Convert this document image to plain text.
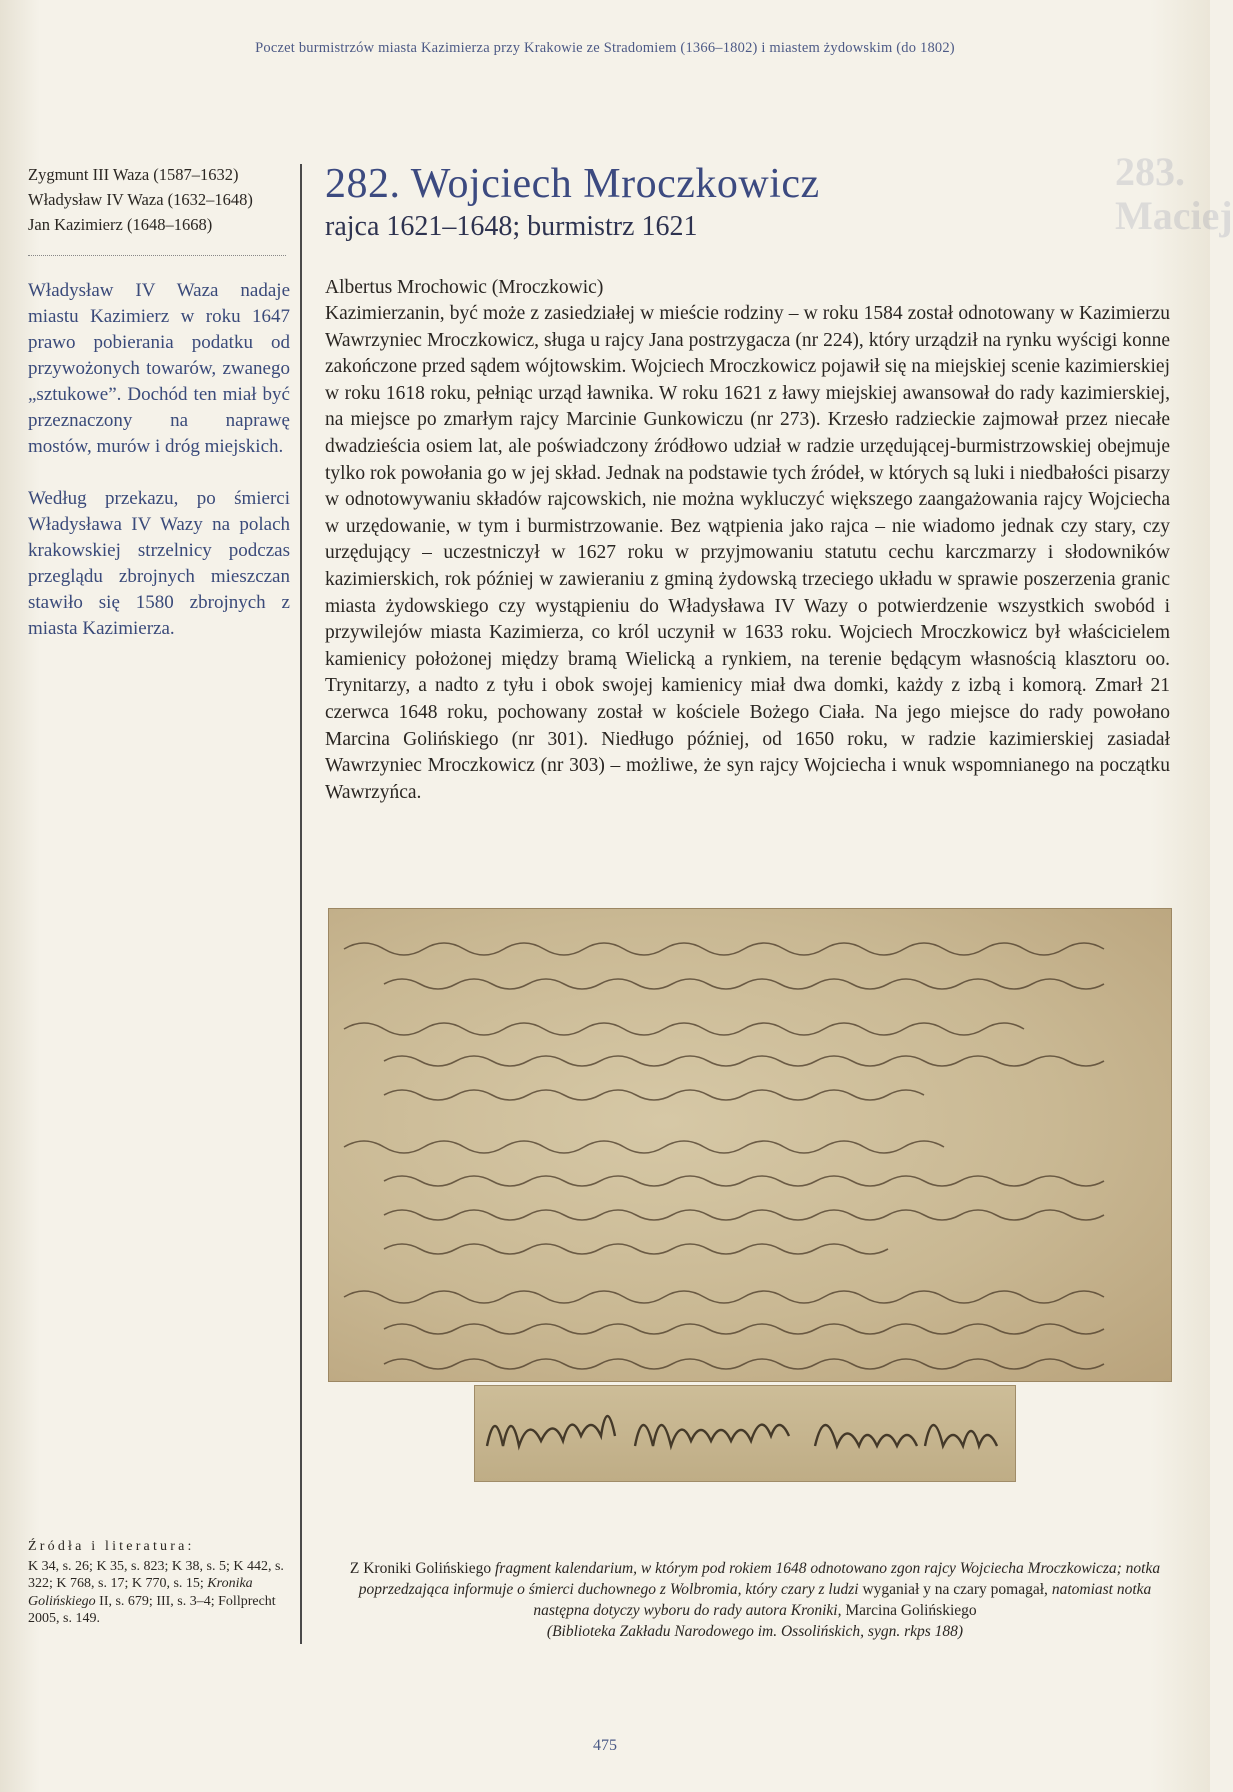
Poczet burmistrzów miasta Kazimierza przy Krakowie ze Stradomiem (1366–1802) i miastem żydowskim (do 1802)
283. Maciej
Zygmunt III Waza (1587–1632)
Władysław IV Waza (1632–1648)
Jan Kazimierz (1648–1668)
Władysław IV Waza nadaje miastu Kazimierz w roku 1647 prawo pobierania podatku od przywożonych towarów, zwanego „sztukowe”. Dochód ten miał być przeznaczony na naprawę mostów, murów i dróg miejskich.
Według przekazu, po śmierci Władysława IV Wazy na polach krakowskiej strzelnicy podczas przeglądu zbrojnych mieszczan stawiło się 1580 zbrojnych z miasta Kazimierza.
Źródła i literatura:
K 34, s. 26; K 35, s. 823; K 38, s. 5; K 442, s. 322; K 768, s. 17; K 770, s. 15; Kronika Golińskiego II, s. 679; III, s. 3–4; Follprecht 2005, s. 149.
282. Wojciech Mroczkowicz
rajca 1621–1648; burmistrz 1621
Albertus Mrochowic (Mroczkowic)

Kazimierzanin, być może z zasiedziałej w mieście rodziny – w roku 1584 został odnotowany w Kazimierzu Wawrzyniec Mroczkowicz, sługa u rajcy Jana postrzygacza (nr 224), który urządził na rynku wyścigi konne zakończone przed sądem wójtowskim. Wojciech Mroczkowicz pojawił się na miejskiej scenie kazimierskiej w roku 1618 roku, pełniąc urząd ławnika. W roku 1621 z ławy miejskiej awansował do rady kazimierskiej, na miejsce po zmarłym rajcy Marcinie Gunkowiczu (nr 273). Krzesło radzieckie zajmował przez niecałe dwadzieścia osiem lat, ale poświadczony źródłowo udział w radzie urzędującej-burmistrzowskiej obejmuje tylko rok powołania go w jej skład. Jednak na podstawie tych źródeł, w których są luki i niedbałości pisarzy w odnotowywaniu składów rajcowskich, nie można wykluczyć większego zaangażowania rajcy Wojciecha w urzędowanie, w tym i burmistrzowanie. Bez wątpienia jako rajca – nie wiadomo jednak czy stary, czy urzędujący – uczestniczył w 1627 roku w przyjmowaniu statutu cechu karczmarzy i słodowników kazimierskich, rok później w zawieraniu z gminą żydowską trzeciego układu w sprawie poszerzenia granic miasta żydowskiego czy wystąpieniu do Władysława IV Wazy o potwierdzenie wszystkich swobód i przywilejów miasta Kazimierza, co król uczynił w 1633 roku. Wojciech Mroczkowicz był właścicielem kamienicy położonej między bramą Wielicką a rynkiem, na terenie będącym własnością klasztoru oo. Trynitarzy, a nadto z tyłu i obok swojej kamienicy miał dwa domki, każdy z izbą i komorą. Zmarł 21 czerwca 1648 roku, pochowany został w kościele Bożego Ciała. Na jego miejsce do rady powołano Marcina Golińskiego (nr 301). Niedługo później, od 1650 roku, w radzie kazimierskiej zasiadał Wawrzyniec Mroczkowicz (nr 303) – możliwe, że syn rajcy Wojciecha i wnuk wspomnianego na początku Wawrzyńca.

Z Kroniki Golińskiego fragment kalendarium, w którym pod rokiem 1648 odnotowano zgon rajcy Wojciecha Mroczkowicza; notka poprzedzająca informuje o śmierci duchownego z Wolbromia, który czary z ludzi wyganiał y na czary pomagał, natomiast notka następna dotyczy wyboru do rady autora Kroniki, Marcina Golińskiego
(Biblioteka Zakładu Narodowego im. Ossolińskich, sygn. rkps 188)
475
